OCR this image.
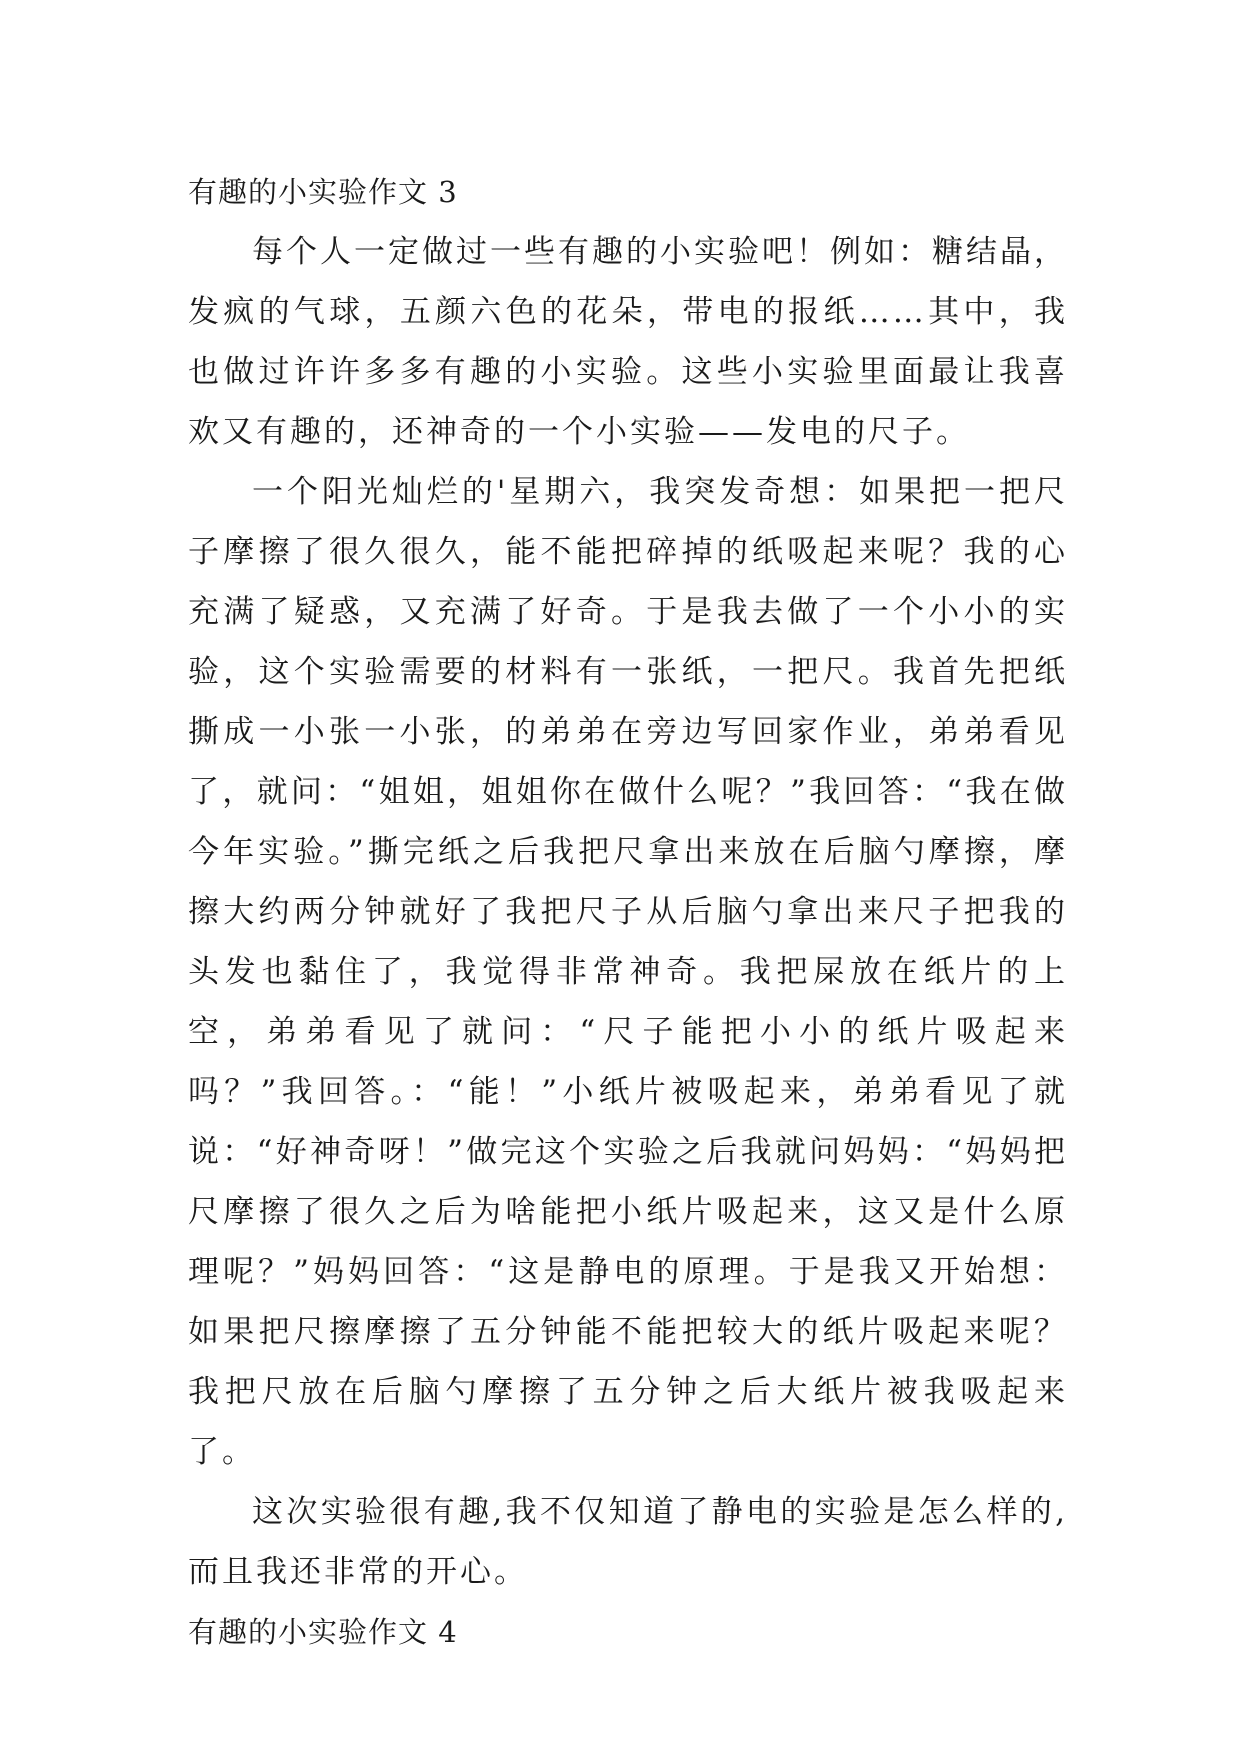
有趣的小实验作文 3

每个人一定做过一些有趣的小实验吧！例如：糖结晶，发疯的气球，五颜六色的花朵，带电的报纸……其中，我也做过许许多多有趣的小实验。这些小实验里面最让我喜欢又有趣的，还神奇的一个小实验——发电的尺子。

一个阳光灿烂的'星期六，我突发奇想：如果把一把尺子摩擦了很久很久，能不能把碎掉的纸吸起来呢？我的心充满了疑惑，又充满了好奇。于是我去做了一个小小的实验，这个实验需要的材料有一张纸，一把尺。我首先把纸撕成一小张一小张，的弟弟在旁边写回家作业，弟弟看见了，就问：“姐姐，姐姐你在做什么呢？”我回答：“我在做今年实验。”撕完纸之后我把尺拿出来放在后脑勺摩擦，摩擦大约两分钟就好了我把尺子从后脑勺拿出来尺子把我的头发也黏住了，我觉得非常神奇。我把屎放在纸片的上空，弟弟看见了就问：“尺子能把小小的纸片吸起来吗？”我回答。：“能！”小纸片被吸起来，弟弟看见了就说：“好神奇呀！”做完这个实验之后我就问妈妈：“妈妈把尺摩擦了很久之后为啥能把小纸片吸起来，这又是什么原理呢？”妈妈回答：“这是静电的原理。于是我又开始想：如果把尺擦摩擦了五分钟能不能把较大的纸片吸起来呢？我把尺放在后脑勺摩擦了五分钟之后大纸片被我吸起来了。

这次实验很有趣,我不仅知道了静电的实验是怎么样的,而且我还非常的开心。

有趣的小实验作文 4
